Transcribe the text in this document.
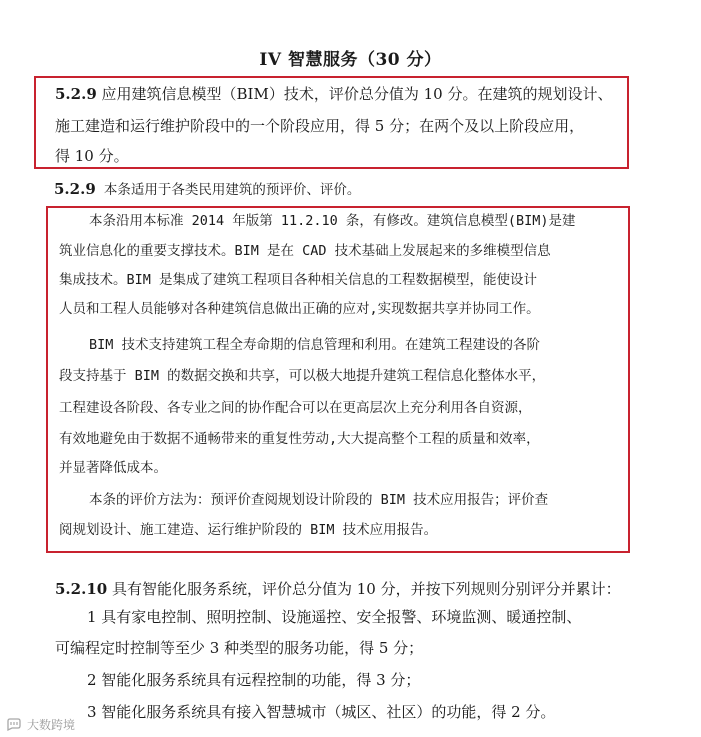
IV 智慧服务（30 分）
5.2.9 应用建筑信息模型（BIM）技术，评价总分值为 10 分。在建筑的规划设计、
施工建造和运行维护阶段中的一个阶段应用，得 5 分；在两个及以上阶段应用，
得 10 分。
5.2.9 本条适用于各类民用建筑的预评价、评价。
本条沿用本标准 2014 年版第 11.2.10 条，有修改。建筑信息模型(BIM)是建
筑业信息化的重要支撑技术。BIM 是在 CAD 技术基础上发展起来的多维模型信息
集成技术。BIM 是集成了建筑工程项目各种相关信息的工程数据模型，能使设计
人员和工程人员能够对各种建筑信息做出正确的应对,实现数据共享并协同工作。
BIM 技术支持建筑工程全寿命期的信息管理和利用。在建筑工程建设的各阶
段支持基于 BIM 的数据交换和共享，可以极大地提升建筑工程信息化整体水平，
工程建设各阶段、各专业之间的协作配合可以在更高层次上充分利用各自资源，
有效地避免由于数据不通畅带来的重复性劳动,大大提高整个工程的质量和效率，
并显著降低成本。
本条的评价方法为：预评价查阅规划设计阶段的 BIM 技术应用报告；评价查
阅规划设计、施工建造、运行维护阶段的 BIM 技术应用报告。
5.2.10 具有智能化服务系统，评价总分值为 10 分，并按下列规则分别评分并累计：
1 具有家电控制、照明控制、设施遥控、安全报警、环境监测、暖通控制、
可编程定时控制等至少 3 种类型的服务功能，得 5 分；
2 智能化服务系统具有远程控制的功能，得 3 分；
3 智能化服务系统具有接入智慧城市（城区、社区）的功能，得 2 分。
大数跨境
